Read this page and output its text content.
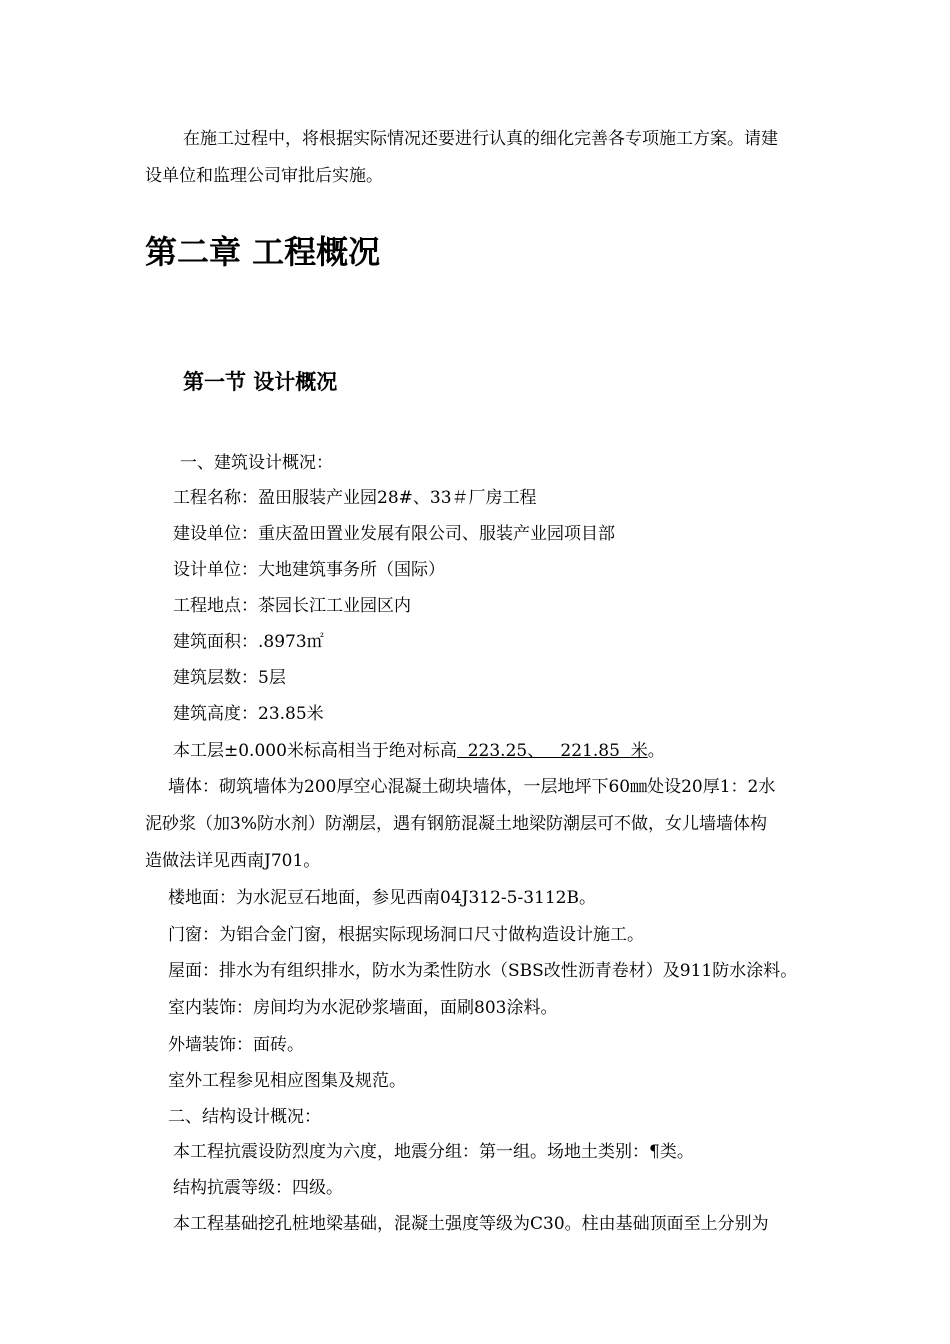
在施工过程中，将根据实际情况还要进行认真的细化完善各专项施工方案。请建
设单位和监理公司审批后实施。
第二章 工程概况
第一节 设计概况
一、建筑设计概况：
工程名称：盈田服装产业园28#、33＃厂房工程
建设单位：重庆盈田置业发展有限公司、服装产业园项目部
设计单位：大地建筑事务所（国际）
工程地点：茶园长江工业园区内
建筑面积：.8973㎡
建筑层数：5层
建筑高度：23.85米
本工层±0.000米标高相当于绝对标高  223.25、   221.85  米。
墙体：砌筑墙体为200厚空心混凝土砌块墙体，一层地坪下60㎜处设20厚1：2水
泥砂浆（加3%防水剂）防潮层，遇有钢筋混凝土地梁防潮层可不做，女儿墙墙体构
造做法详见西南J701。
楼地面：为水泥豆石地面，参见西南04J312-5-3112B。
门窗：为铝合金门窗，根据实际现场洞口尺寸做构造设计施工。
屋面：排水为有组织排水，防水为柔性防水（SBS改性沥青卷材）及911防水涂料。
室内装饰：房间均为水泥砂浆墙面，面刷803涂料。
外墙装饰：面砖。
室外工程参见相应图集及规范。
二、结构设计概况：
本工程抗震设防烈度为六度，地震分组：第一组。场地土类别：¶类。
结构抗震等级：四级。
本工程基础挖孔桩地梁基础，混凝土强度等级为C30。柱由基础顶面至上分别为
